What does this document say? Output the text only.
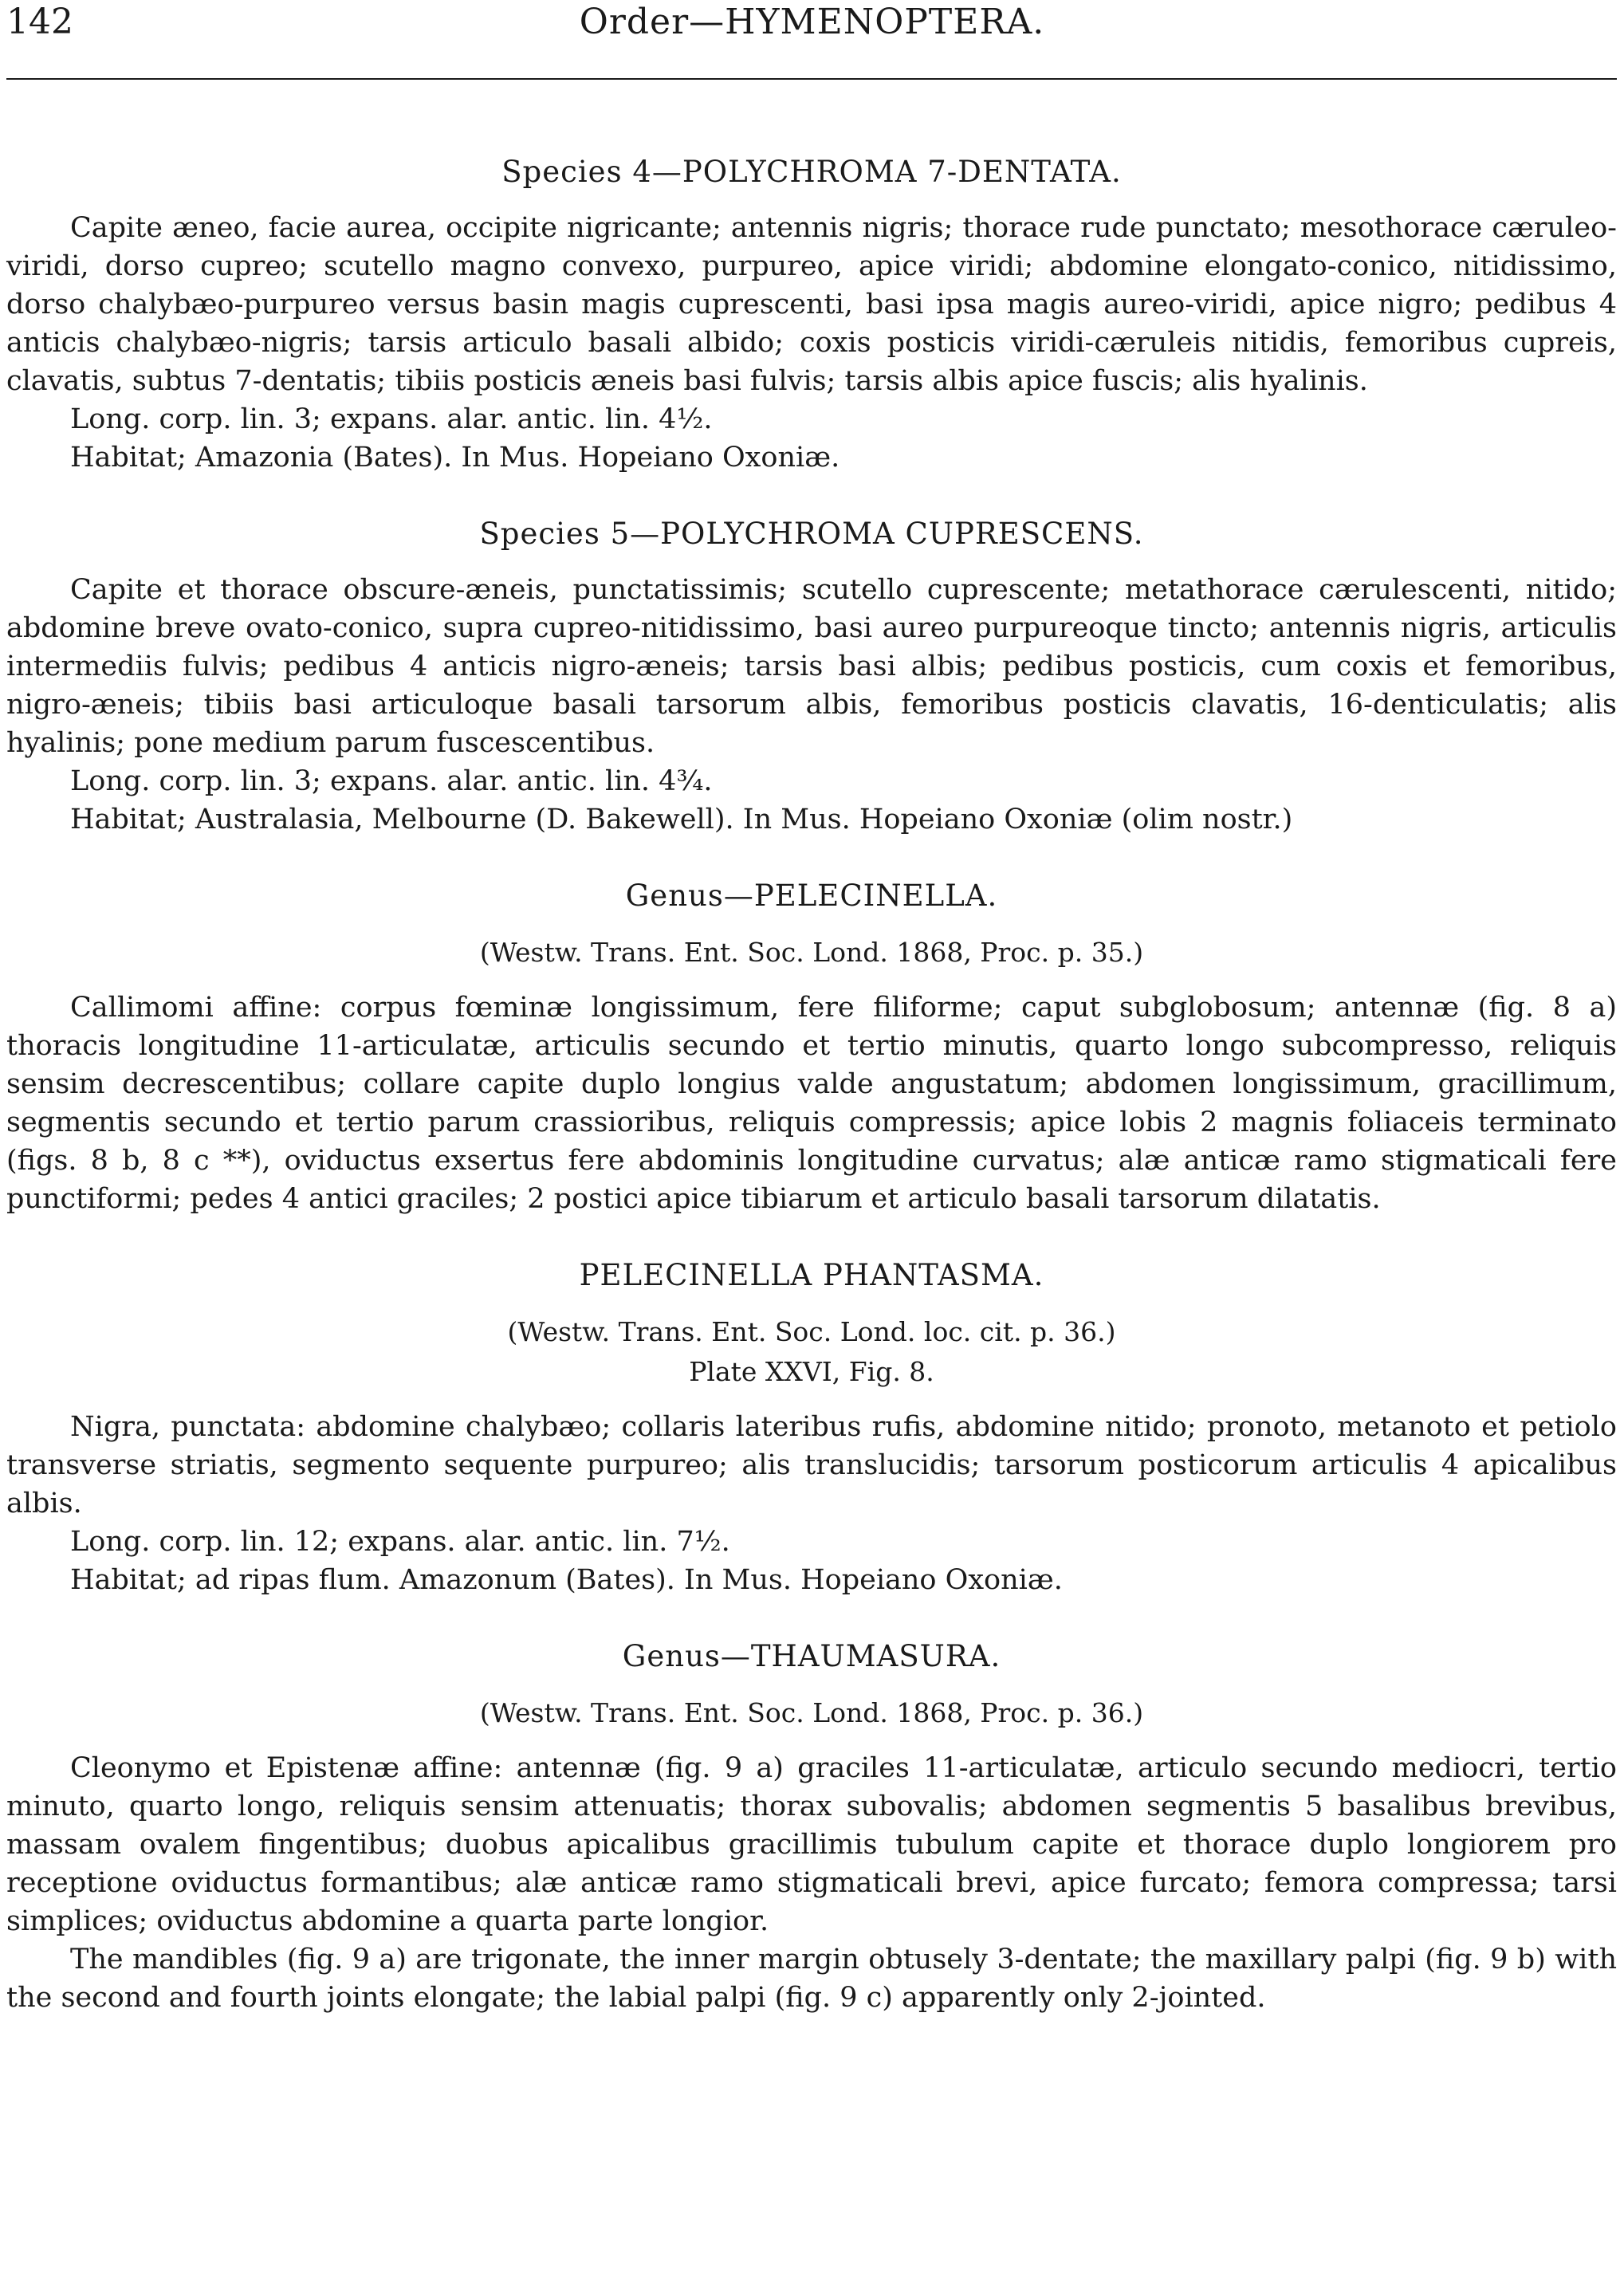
142	Order—HYMENOPTERA.
Species 4—POLYCHROMA 7-DENTATA.

Capite æneo, facie aurea, occipite nigricante; antennis nigris; thorace rude punctato; mesothorace cæruleo-viridi, dorso cupreo; scutello magno convexo, purpureo, apice viridi; abdomine elongato-conico, nitidissimo, dorso chalybæo-purpureo versus basin magis cuprescenti, basi ipsa magis aureo-viridi, apice nigro; pedibus 4 anticis chalybæo-nigris; tarsis articulo basali albido; coxis posticis viridi-cæruleis nitidis, femoribus cupreis, clavatis, subtus 7-dentatis; tibiis posticis æneis basi fulvis; tarsis albis apice fuscis; alis hyalinis.

Long. corp. lin. 3; expans. alar. antic. lin. 4½.

Habitat; Amazonia (Bates). In Mus. Hopeiano Oxoniæ.

Species 5—POLYCHROMA CUPRESCENS.

Capite et thorace obscure-æneis, punctatissimis; scutello cuprescente; metathorace cærulescenti, nitido; abdomine breve ovato-conico, supra cupreo-nitidissimo, basi aureo purpureoque tincto; antennis nigris, articulis intermediis fulvis; pedibus 4 anticis nigro-æneis; tarsis basi albis; pedibus posticis, cum coxis et femoribus, nigro-æneis; tibiis basi articuloque basali tarsorum albis, femoribus posticis clavatis, 16-denticulatis; alis hyalinis; pone medium parum fuscescentibus.

Long. corp. lin. 3; expans. alar. antic. lin. 4¾.

Habitat; Australasia, Melbourne (D. Bakewell). In Mus. Hopeiano Oxoniæ (olim nostr.)

Genus—PELECINELLA.
(Westw. Trans. Ent. Soc. Lond. 1868, Proc. p. 35.)

Callimomi affine: corpus fœminæ longissimum, fere filiforme; caput subglobosum; antennæ (fig. 8 a) thoracis longitudine 11-articulatæ, articulis secundo et tertio minutis, quarto longo subcompresso, reliquis sensim decrescentibus; collare capite duplo longius valde angustatum; abdomen longissimum, gracillimum, segmentis secundo et tertio parum crassioribus, reliquis compressis; apice lobis 2 magnis foliaceis terminato (figs. 8 b, 8 c **), oviductus exsertus fere abdominis longitudine curvatus; alæ anticæ ramo stigmaticali fere punctiformi; pedes 4 antici graciles; 2 postici apice tibiarum et articulo basali tarsorum dilatatis.

PELECINELLA PHANTASMA.
(Westw. Trans. Ent. Soc. Lond. loc. cit. p. 36.)
Plate XXVI, Fig. 8.

Nigra, punctata: abdomine chalybæo; collaris lateribus rufis, abdomine nitido; pronoto, metanoto et petiolo transverse striatis, segmento sequente purpureo; alis translucidis; tarsorum posticorum articulis 4 apicalibus albis.

Long. corp. lin. 12; expans. alar. antic. lin. 7½.

Habitat; ad ripas flum. Amazonum (Bates). In Mus. Hopeiano Oxoniæ.

Genus—THAUMASURA.
(Westw. Trans. Ent. Soc. Lond. 1868, Proc. p. 36.)

Cleonymo et Epistenæ affine: antennæ (fig. 9 a) graciles 11-articulatæ, articulo secundo mediocri, tertio minuto, quarto longo, reliquis sensim attenuatis; thorax subovalis; abdomen segmentis 5 basalibus brevibus, massam ovalem fingentibus; duobus apicalibus gracillimis tubulum capite et thorace duplo longiorem pro receptione oviductus formantibus; alæ anticæ ramo stigmaticali brevi, apice furcato; femora compressa; tarsi simplices; oviductus abdomine a quarta parte longior.

The mandibles (fig. 9 a) are trigonate, the inner margin obtusely 3-dentate; the maxillary palpi (fig. 9 b) with the second and fourth joints elongate; the labial palpi (fig. 9 c) apparently only 2-jointed.
